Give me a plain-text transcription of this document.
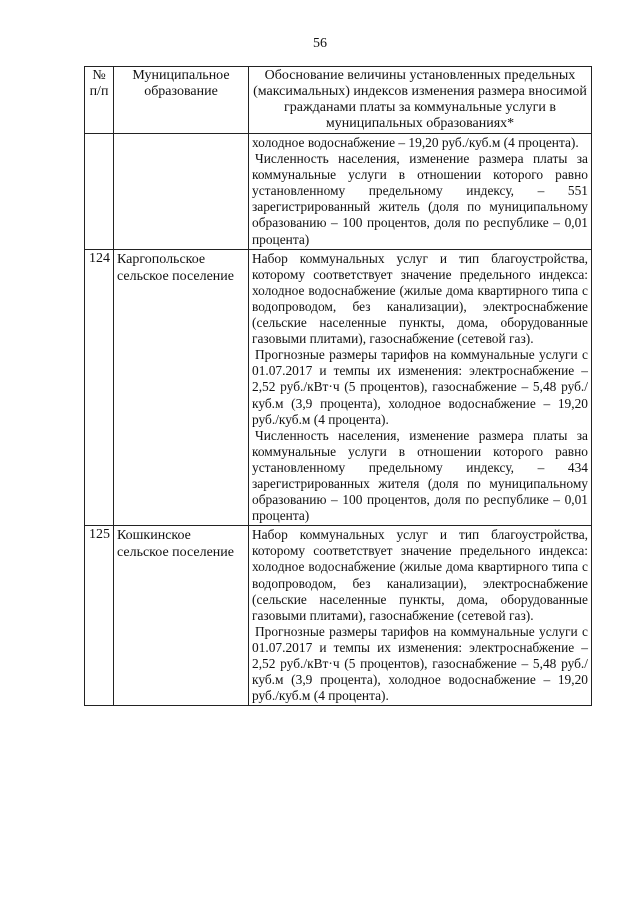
56
№ п/п	Муниципальное образование	Обоснование величины установленных предельных (максимальных) индексов изменения размера вносимой гражданами платы за коммунальные услуги в муниципальных образованиях*

		холодное водоснабжение – 19,20 руб./куб.м (4 процента).

Численность населения, изменение размера платы за коммунальные услуги в отношении которого равно установленному предельному индексу, – 551 зарегистрированный житель (доля по муниципальному образованию – 100 процентов, доля по республике – 0,01 процента)

124	Каргопольское сельское поселение	Набор коммунальных услуг и тип благоустройства, которому соответствует значение предельного индекса: холодное водоснабжение (жилые дома квартирного типа с водопроводом, без канализации), электроснабжение (сельские населенные пункты, дома, оборудованные газовыми плитами), газоснабжение (сетевой газ).

Прогнозные размеры тарифов на коммунальные услуги с 01.07.2017 и темпы их изменения: электроснабжение – 2,52 руб./кВт·ч (5 процентов), газоснабжение – 5,48 руб./куб.м (3,9 процента), холодное водоснабжение – 19,20 руб./куб.м (4 процента).

Численность населения, изменение размера платы за коммунальные услуги в отношении которого равно установленному предельному индексу, – 434 зарегистрированных жителя (доля по муниципальному образованию – 100 процентов, доля по республике – 0,01 процента)

125	Кошкинское сельское поселение	Набор коммунальных услуг и тип благоустройства, которому соответствует значение предельного индекса: холодное водоснабжение (жилые дома квартирного типа с водопроводом, без канализации), электроснабжение (сельские населенные пункты, дома, оборудованные газовыми плитами), газоснабжение (сетевой газ).

Прогнозные размеры тарифов на коммунальные услуги с 01.07.2017 и темпы их изменения: электроснабжение – 2,52 руб./кВт·ч (5 процентов), газоснабжение – 5,48 руб./куб.м (3,9 процента), холодное водоснабжение – 19,20 руб./куб.м (4 процента).
